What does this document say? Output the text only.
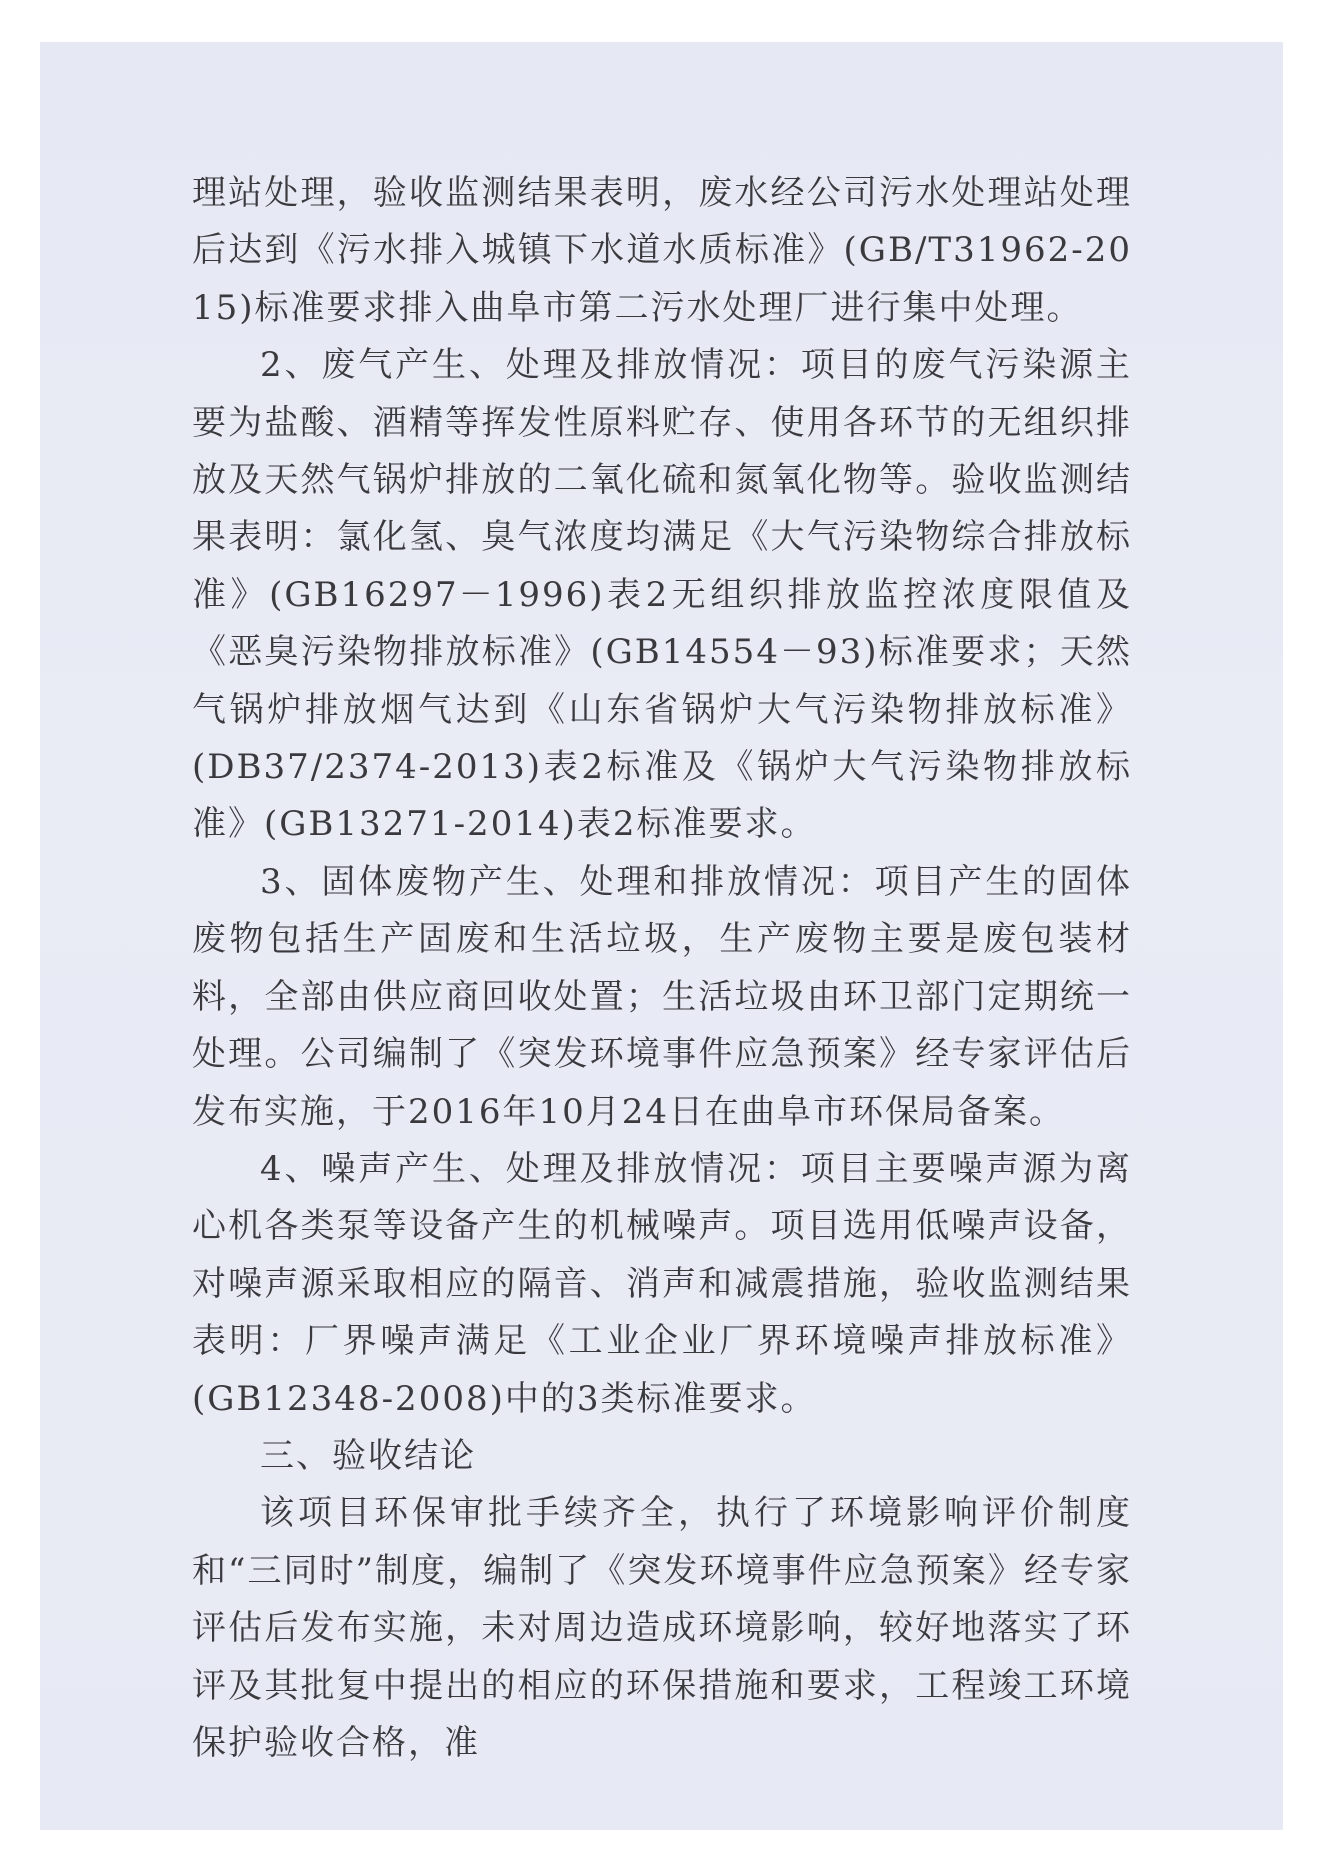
理站处理，验收监测结果表明，废水经公司污水处理站处理后达到《污水排入城镇下水道水质标准》(GB/T31962-2015)标准要求排入曲阜市第二污水处理厂进行集中处理。

2、废气产生、处理及排放情况：项目的废气污染源主要为盐酸、酒精等挥发性原料贮存、使用各环节的无组织排放及天然气锅炉排放的二氧化硫和氮氧化物等。验收监测结果表明：氯化氢、臭气浓度均满足《大气污染物综合排放标准》(GB16297－1996)表2无组织排放监控浓度限值及《恶臭污染物排放标准》(GB14554－93)标准要求；天然气锅炉排放烟气达到《山东省锅炉大气污染物排放标准》(DB37/2374-2013)表2标准及《锅炉大气污染物排放标准》(GB13271-2014)表2标准要求。

3、固体废物产生、处理和排放情况：项目产生的固体废物包括生产固废和生活垃圾，生产废物主要是废包装材料，全部由供应商回收处置；生活垃圾由环卫部门定期统一处理。公司编制了《突发环境事件应急预案》经专家评估后发布实施，于2016年10月24日在曲阜市环保局备案。

4、噪声产生、处理及排放情况：项目主要噪声源为离心机各类泵等设备产生的机械噪声。项目选用低噪声设备，对噪声源采取相应的隔音、消声和减震措施，验收监测结果表明：厂界噪声满足《工业企业厂界环境噪声排放标准》(GB12348-2008)中的3类标准要求。

三、验收结论

该项目环保审批手续齐全，执行了环境影响评价制度和“三同时”制度，编制了《突发环境事件应急预案》经专家评估后发布实施，未对周边造成环境影响，较好地落实了环评及其批复中提出的相应的环保措施和要求，工程竣工环境保护验收合格，准
